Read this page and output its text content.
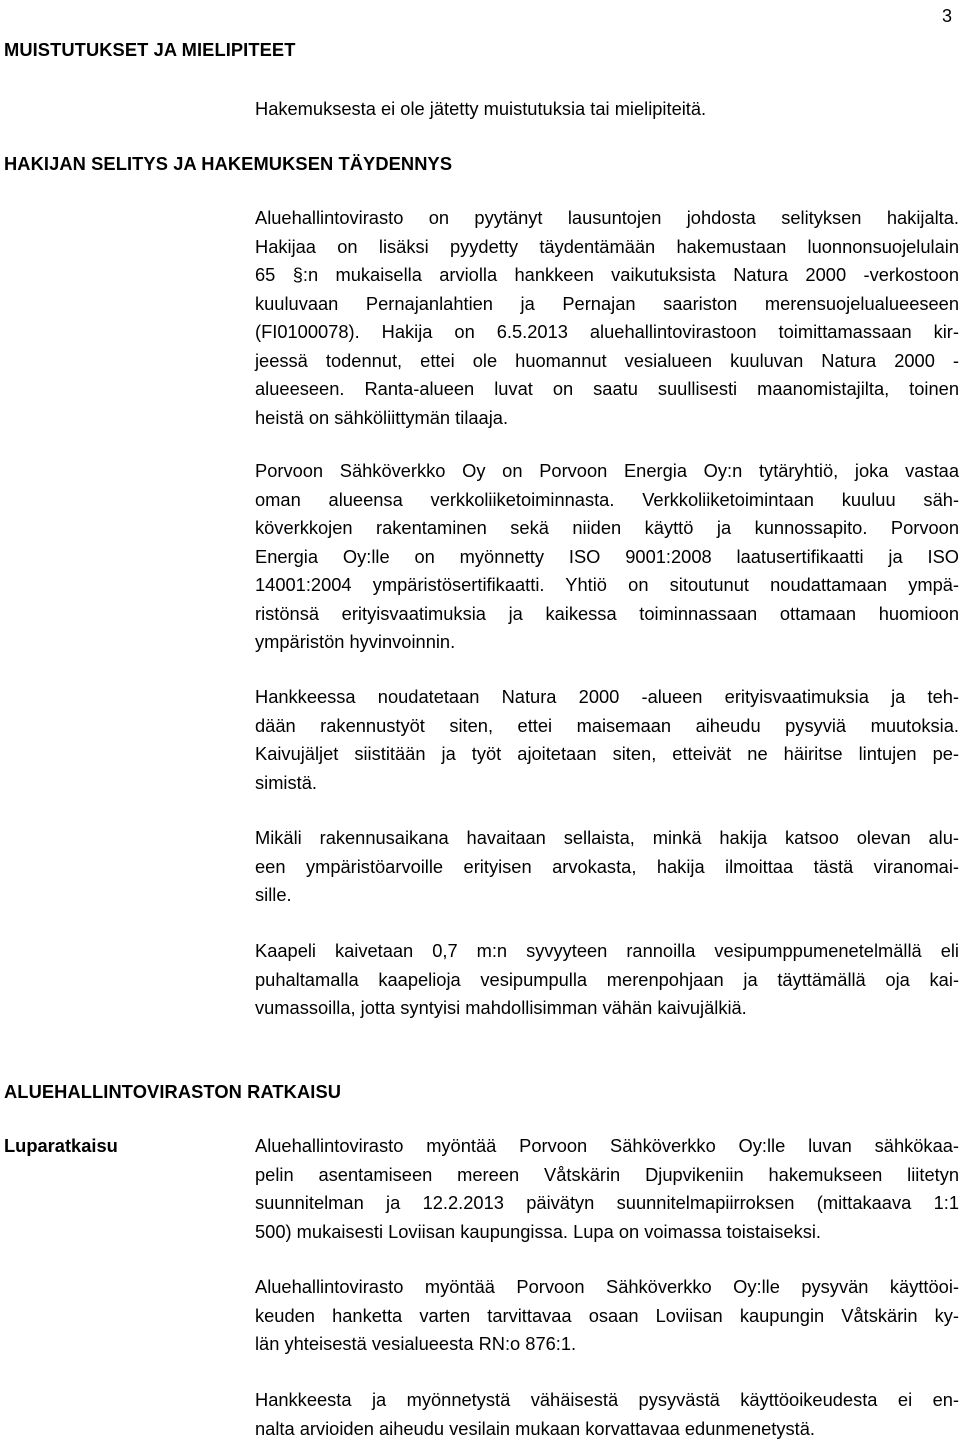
3
MUISTUTUKSET JA MIELIPITEET

Hakemuksesta ei ole jätetty muistutuksia tai mielipiteitä.

HAKIJAN SELITYS JA HAKEMUKSEN TÄYDENNYS

Aluehallintovirasto on pyytänyt lausuntojen johdosta selityksen hakijalta.
Hakijaa on lisäksi pyydetty täydentämään hakemustaan luonnonsuojelulain
65 §:n mukaisella arviolla hankkeen vaikutuksista Natura 2000 -verkostoon
kuuluvaan Pernajanlahtien ja Pernajan saariston merensuojelualueeseen
(FI0100078). Hakija on 6.5.2013 aluehallintovirastoon toimittamassaan kir-
jeessä todennut, ettei ole huomannut vesialueen kuuluvan Natura 2000 -
alueeseen. Ranta-alueen luvat on saatu suullisesti maanomistajilta, toinen
heistä on sähköliittymän tilaaja.

Porvoon Sähköverkko Oy on Porvoon Energia Oy:n tytäryhtiö, joka vastaa
oman alueensa verkkoliiketoiminnasta. Verkkoliiketoimintaan kuuluu säh-
köverkkojen rakentaminen sekä niiden käyttö ja kunnossapito. Porvoon
Energia Oy:lle on myönnetty ISO 9001:2008 laatusertifikaatti ja ISO
14001:2004 ympäristösertifikaatti. Yhtiö on sitoutunut noudattamaan ympä-
ristönsä erityisvaatimuksia ja kaikessa toiminnassaan ottamaan huomioon
ympäristön hyvinvoinnin.

Hankkeessa noudatetaan Natura 2000 -alueen erityisvaatimuksia ja teh-
dään rakennustyöt siten, ettei maisemaan aiheudu pysyviä muutoksia.
Kaivujäljet siistitään ja työt ajoitetaan siten, etteivät ne häiritse lintujen pe-
simistä.

Mikäli rakennusaikana havaitaan sellaista, minkä hakija katsoo olevan alu-
een ympäristöarvoille erityisen arvokasta, hakija ilmoittaa tästä viranomai-
sille.

Kaapeli kaivetaan 0,7 m:n syvyyteen rannoilla vesipumppumenetelmällä eli
puhaltamalla kaapelioja vesipumpulla merenpohjaan ja täyttämällä oja kai-
vumassoilla, jotta syntyisi mahdollisimman vähän kaivujälkiä.

ALUEHALLINTOVIRASTON RATKAISU
Luparatkaisu	Aluehallintovirasto myöntää Porvoon Sähköverkko Oy:lle luvan sähkökaa-
pelin asentamiseen mereen Våtskärin Djupvikeniin hakemukseen liitetyn
suunnitelman ja 12.2.2013 päivätyn suunnitelmapiirroksen (mittakaava 1:1
500) mukaisesti Loviisan kaupungissa. Lupa on voimassa toistaiseksi.

Aluehallintovirasto myöntää Porvoon Sähköverkko Oy:lle pysyvän käyttöoi-
keuden hanketta varten tarvittavaa osaan Loviisan kaupungin Våtskärin ky-
län yhteisestä vesialueesta RN:o 876:1.

Hankkeesta ja myönnetystä vähäisestä pysyvästä käyttöoikeudesta ei en-
nalta arvioiden aiheudu vesilain mukaan korvattavaa edunmenetystä.
